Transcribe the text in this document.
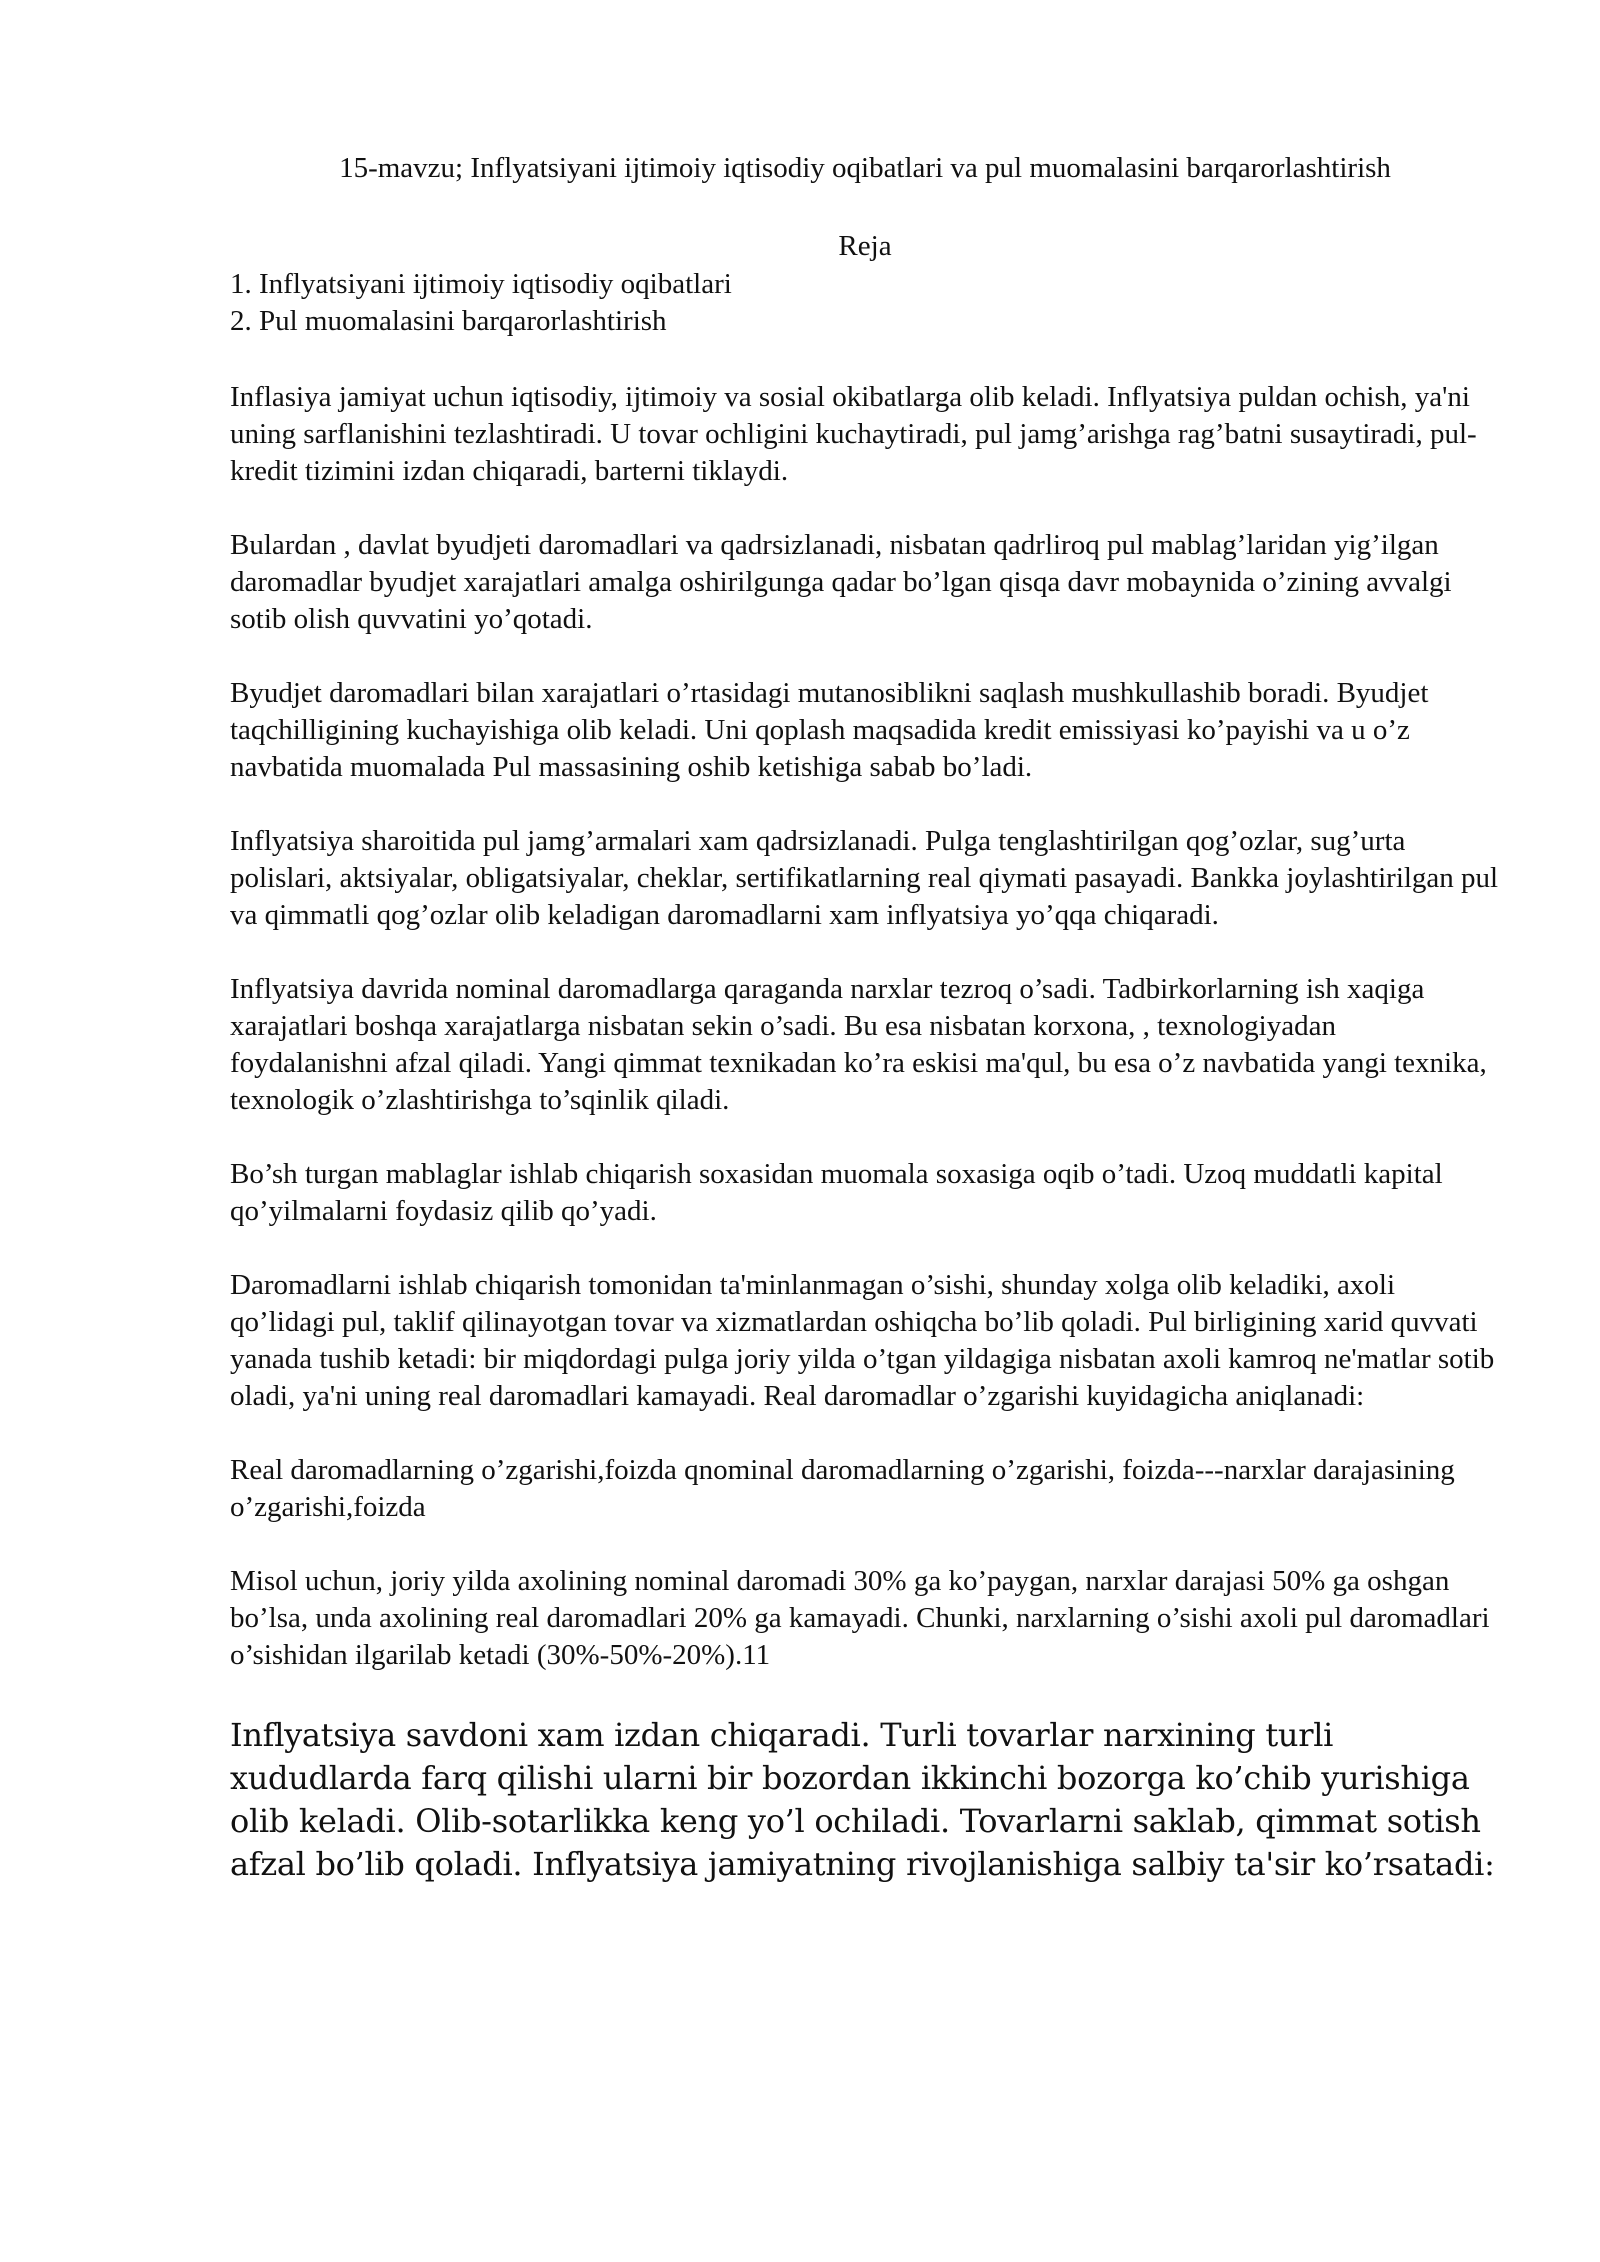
15-mavzu; Inflyatsiyani ijtimoiy iqtisodiy oqibatlari va pul muomalasini barqarorlashtirish

Reja

1. Inflyatsiyani ijtimoiy iqtisodiy oqibatlari
2. Pul muomalasini barqarorlashtirish

Inflasiya jamiyat uchun iqtisodiy, ijtimoiy va sosial okibatlarga olib keladi. Inflyatsiya puldan ochish, ya'ni uning sarflanishini tezlashtiradi. U tovar ochligini kuchaytiradi, pul jamg’arishga rag’batni susaytiradi, pul-kredit tizimini izdan chiqaradi, barterni tiklaydi.

Bulardan , davlat byudjeti daromadlari va qadrsizlanadi, nisbatan qadrliroq pul mablag’laridan yig’ilgan daromadlar byudjet xarajatlari amalga oshirilgunga qadar bo’lgan qisqa davr mobaynida o’zining avvalgi sotib olish quvvatini yo’qotadi.

Byudjet daromadlari bilan xarajatlari o’rtasidagi mutanosiblikni saqlash mushkullashib boradi. Byudjet taqchilligining kuchayishiga olib keladi. Uni qoplash maqsadida kredit emissiyasi ko’payishi va u o’z navbatida muomalada Pul massasining oshib ketishiga sabab bo’ladi.

Inflyatsiya sharoitida pul jamg’armalari xam qadrsizlanadi. Pulga tenglashtirilgan qog’ozlar, sug’urta polislari, aktsiyalar, obligatsiyalar, cheklar, sertifikatlarning real qiymati pasayadi. Bankka joylashtirilgan pul va qimmatli qog’ozlar olib keladigan daromadlarni xam inflyatsiya yo’qqa chiqaradi.

Inflyatsiya davrida nominal daromadlarga qaraganda narxlar tezroq o’sadi. Tadbirkorlarning ish xaqiga xarajatlari boshqa xarajatlarga nisbatan sekin o’sadi. Bu esa nisbatan korxona, , texnologiyadan foydalanishni afzal qiladi. Yangi qimmat texnikadan ko’ra eskisi ma'qul, bu esa o’z navbatida yangi texnika, texnologik o’zlashtirishga to’sqinlik qiladi.

Bo’sh turgan mablaglar ishlab chiqarish soxasidan muomala soxasiga oqib o’tadi. Uzoq muddatli kapital qo’yilmalarni foydasiz qilib qo’yadi.

Daromadlarni ishlab chiqarish tomonidan ta'minlanmagan o’sishi, shunday xolga olib keladiki, axoli qo’lidagi pul, taklif qilinayotgan tovar va xizmatlardan oshiqcha bo’lib qoladi. Pul birligining xarid quvvati yanada tushib ketadi: bir miqdordagi pulga joriy yilda o’tgan yildagiga nisbatan axoli kamroq ne'matlar sotib oladi, ya'ni uning real daromadlari kamayadi. Real daromadlar o’zgarishi kuyidagicha aniqlanadi:

Real daromadlarning o’zgarishi,foizda qnominal daromadlarning o’zgarishi, foizda---narxlar darajasining o’zgarishi,foizda

Misol uchun, joriy yilda axolining nominal daromadi 30% ga ko’paygan, narxlar darajasi 50% ga oshgan bo’lsa, unda axolining real daromadlari 20% ga kamayadi. Chunki, narxlarning o’sishi axoli pul daromadlari o’sishidan ilgarilab ketadi (30%-50%-20%).11

Inflyatsiya savdoni xam izdan chiqaradi. Turli tovarlar narxining turli xududlarda farq qilishi ularni bir bozordan ikkinchi bozorga ko’chib yurishiga olib keladi. Olib-sotarlikka keng yo’l ochiladi. Tovarlarni saklab, qimmat sotish afzal bo’lib qoladi. Inflyatsiya jamiyatning rivojlanishiga salbiy ta'sir ko’rsatadi:
